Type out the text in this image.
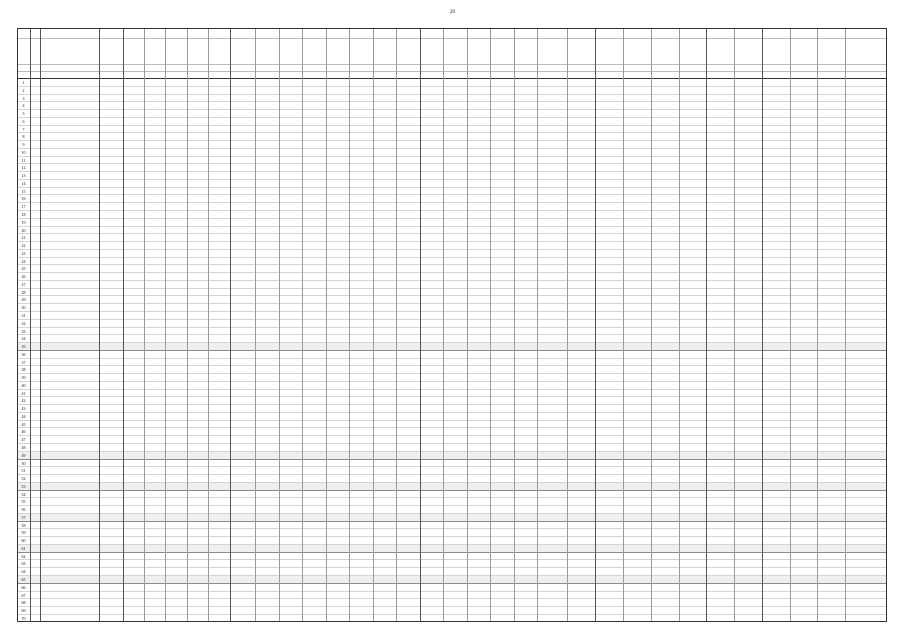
20
1
2
3
4
5
6
7
8
9
10
11
12
13
14
15
16
17
18
19
20
21
22
23
24
25
26
27
28
29
30
31
32
33
34
35
36
37
38
39
40
41
42
43
44
45
46
47
48
49
50
51
52
53
54
55
56
57
58
59
60
61
62
63
64
65
66
67
68
69
70
